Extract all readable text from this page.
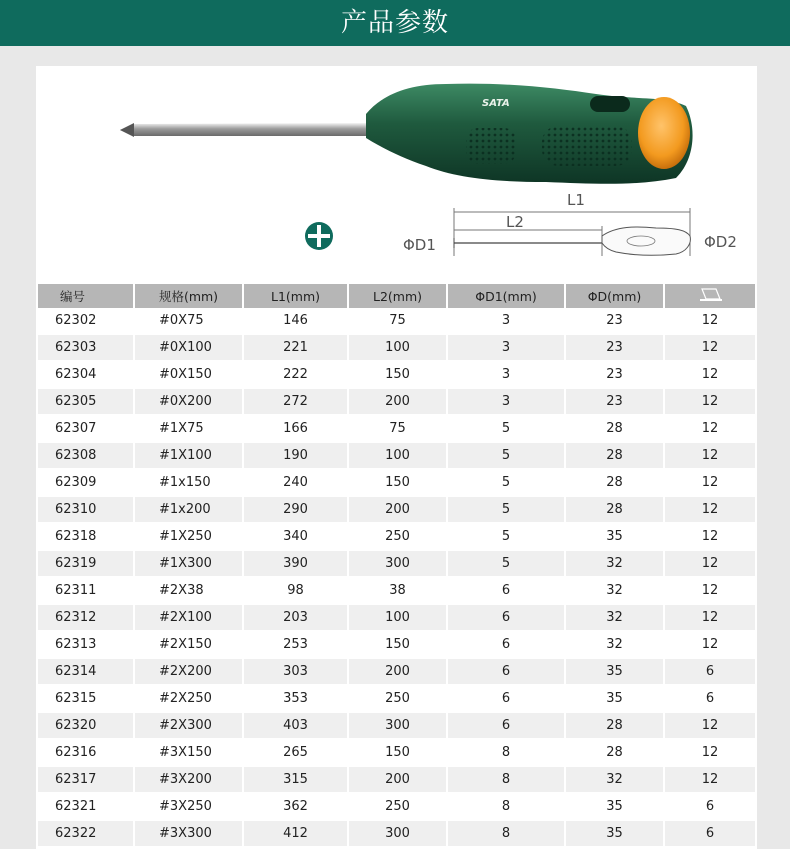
产品参数
SATA
L1
L2
ΦD1	ΦD2
编号	规格(mm)	L1(mm)	L2(mm)	ΦD1(mm)	ΦD(mm)	
62302	#0X75	146	75	3	23	12
62303	#0X100	221	100	3	23	12
62304	#0X150	222	150	3	23	12
62305	#0X200	272	200	3	23	12
62307	#1X75	166	75	5	28	12
62308	#1X100	190	100	5	28	12
62309	#1x150	240	150	5	28	12
62310	#1x200	290	200	5	28	12
62318	#1X250	340	250	5	35	12
62319	#1X300	390	300	5	32	12
62311	#2X38	98	38	6	32	12
62312	#2X100	203	100	6	32	12
62313	#2X150	253	150	6	32	12
62314	#2X200	303	200	6	35	6
62315	#2X250	353	250	6	35	6
62320	#2X300	403	300	6	28	12
62316	#3X150	265	150	8	28	12
62317	#3X200	315	200	8	32	12
62321	#3X250	362	250	8	35	6
62322	#3X300	412	300	8	35	6
